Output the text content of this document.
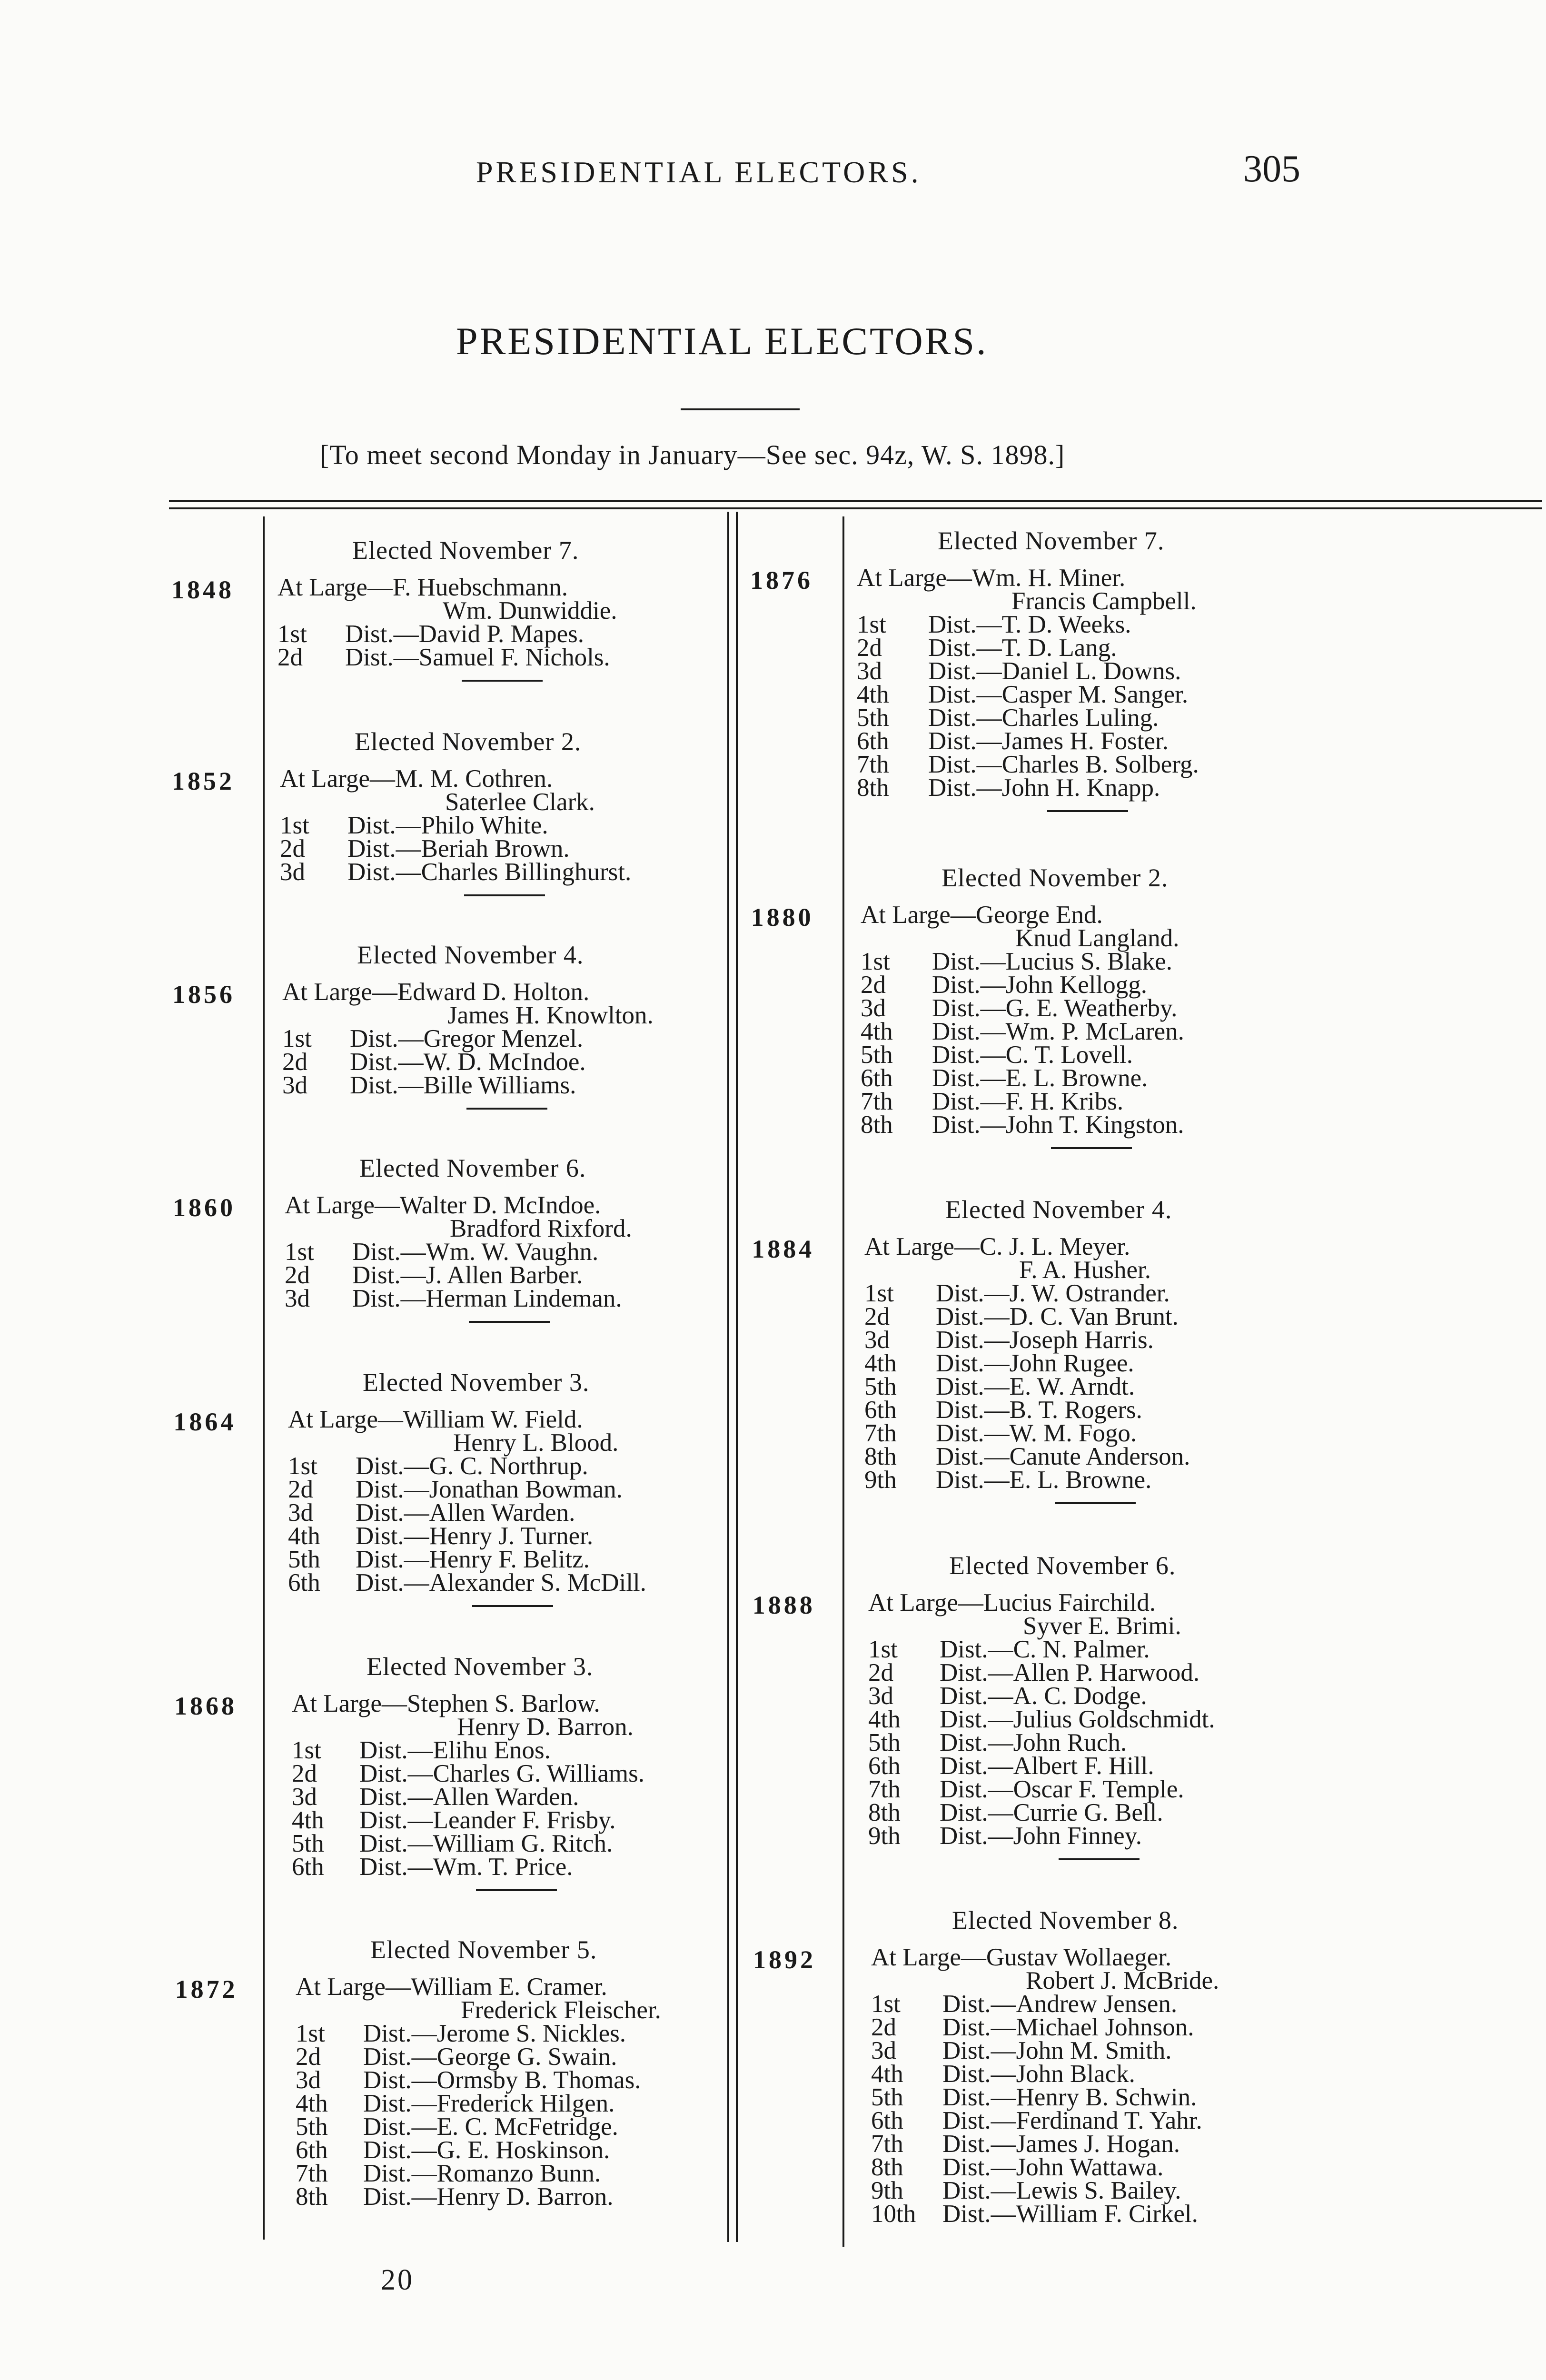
PRESIDENTIAL ELECTORS.	305
PRESIDENTIAL ELECTORS.
[To meet second Monday in January—See sec. 94z, W. S. 1898.]
Elected November 7.
1848 At Large— F. Huebschmann.
Wm. Dunwiddie.
1st	Dist.—David P. Mapes.
2d	Dist.—Samuel F. Nichols.
Elected November 2.
1852 At Large— M. M. Cothren.
Saterlee Clark.
1st	Dist.—Philo White.
2d	Dist.—Beriah Brown.
3d	Dist.—Charles Billinghurst.
Elected November 4.
1856 At Large— Edward D. Holton.
James H. Knowlton.
1st	Dist.—Gregor Menzel.
2d	Dist.—W. D. McIndoe.
3d	Dist.—Bille Williams.
Elected November 6.
1860 At Large— Walter D. McIndoe.
Bradford Rixford.
1st	Dist.—Wm. W. Vaughn.
2d	Dist.—J. Allen Barber.
3d	Dist.—Herman Lindeman.
Elected November 3.
1864 At Large— William W. Field.
Henry L. Blood.
1st	Dist.—G. C. Northrup.
2d	Dist.—Jonathan Bowman.
3d	Dist.—Allen Warden.
4th	Dist.—Henry J. Turner.
5th	Dist.—Henry F. Belitz.
6th	Dist.—Alexander S. McDill.
Elected November 3.
1868 At Large— Stephen S. Barlow.
Henry D. Barron.
1st	Dist.—Elihu Enos.
2d	Dist.—Charles G. Williams.
3d	Dist.—Allen Warden.
4th	Dist.—Leander F. Frisby.
5th	Dist.—William G. Ritch.
6th	Dist.—Wm. T. Price.
Elected November 5.
1872 At Large— William E. Cramer.
Frederick Fleischer.
1st	Dist.—Jerome S. Nickles.
2d	Dist.—George G. Swain.
3d	Dist.—Ormsby B. Thomas.
4th	Dist.—Frederick Hilgen.
5th	Dist.—E. C. McFetridge.
6th	Dist.—G. E. Hoskinson.
7th	Dist.—Romanzo Bunn.
8th	Dist.—Henry D. Barron.
Elected November 7.
1876 At Large— Wm. H. Miner.
Francis Campbell.
1st	Dist.—T. D. Weeks.
2d	Dist.—T. D. Lang.
3d	Dist.—Daniel L. Downs.
4th	Dist.—Casper M. Sanger.
5th	Dist.—Charles Luling.
6th	Dist.—James H. Foster.
7th	Dist.—Charles B. Solberg.
8th	Dist.—John H. Knapp.
Elected November 2.
1880 At Large— George End.
Knud Langland.
1st	Dist.—Lucius S. Blake.
2d	Dist.—John Kellogg.
3d	Dist.—G. E. Weatherby.
4th	Dist.—Wm. P. McLaren.
5th	Dist.—C. T. Lovell.
6th	Dist.—E. L. Browne.
7th	Dist.—F. H. Kribs.
8th	Dist.—John T. Kingston.
Elected November 4.
1884 At Large— C. J. L. Meyer.
F. A. Husher.
1st	Dist.—J. W. Ostrander.
2d	Dist.—D. C. Van Brunt.
3d	Dist.—Joseph Harris.
4th	Dist.—John Rugee.
5th	Dist.—E. W. Arndt.
6th	Dist.—B. T. Rogers.
7th	Dist.—W. M. Fogo.
8th	Dist.—Canute Anderson.
9th	Dist.—E. L. Browne.
Elected November 6.
1888 At Large— Lucius Fairchild.
Syver E. Brimi.
1st	Dist.—C. N. Palmer.
2d	Dist.—Allen P. Harwood.
3d	Dist.—A. C. Dodge.
4th	Dist.—Julius Goldschmidt.
5th	Dist.—John Ruch.
6th	Dist.—Albert F. Hill.
7th	Dist.—Oscar F. Temple.
8th	Dist.—Currie G. Bell.
9th	Dist.—John Finney.
Elected November 8.
1892 At Large— Gustav Wollaeger.
Robert J. McBride.
1st	Dist.—Andrew Jensen.
2d	Dist.—Michael Johnson.
3d	Dist.—John M. Smith.
4th	Dist.—John Black.
5th	Dist.—Henry B. Schwin.
6th	Dist.—Ferdinand T. Yahr.
7th	Dist.—James J. Hogan.
8th	Dist.—John Wattawa.
9th	Dist.—Lewis S. Bailey.
10th	Dist.—William F. Cirkel.
20
